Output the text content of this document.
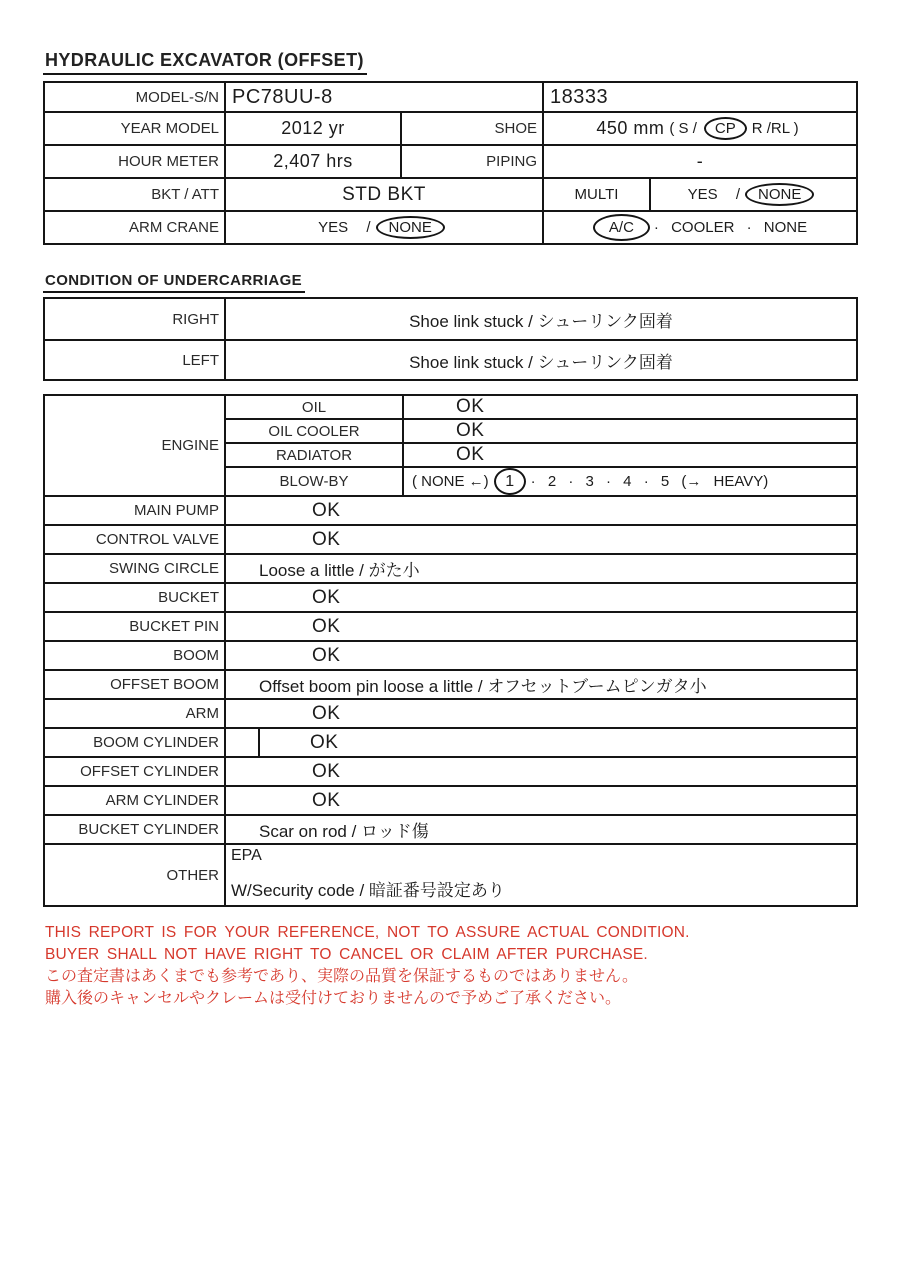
HYDRAULIC EXCAVATOR (OFFSET)
MODEL-S/N PC78UU-8	18333
YEAR MODEL	2012 yr	SHOE	450 mm ( S /	CP	R /RL )
HOUR METER	2,407 hrs	PIPING	-
BKT / ATT	STD BKT	MULTI	YES /	NONE
ARM CRANE	YES /	NONE	A/C	· COOLER · NONE
CONDITION OF UNDERCARRIAGE
RIGHT	Shoe link stuck / シューリンク固着
LEFT	Shoe link stuck / シューリンク固着
ENGINE
OIL	OK
OIL COOLER	OK
RADIATOR	OK
BLOW-BY	( NONE ←)	1	· 2 · 3 · 4 · 5 (→ HEAVY)
MAIN PUMP	OK
CONTROL VALVE	OK
SWING CIRCLE	Loose a little / がた小
BUCKET	OK
BUCKET PIN	OK
BOOM	OK
OFFSET BOOM	Offset boom pin loose a little / オフセットブームピンガタ小
ARM	OK
BOOM CYLINDER	OK
OFFSET CYLINDER	OK
ARM CYLINDER	OK
BUCKET CYLINDER	Scar on rod / ロッド傷
OTHER
EPA
W/Security code / 暗証番号設定あり
THIS REPORT IS FOR YOUR REFERENCE, NOT TO ASSURE ACTUAL CONDITION.
BUYER SHALL NOT HAVE RIGHT TO CANCEL OR CLAIM AFTER PURCHASE.
この査定書はあくまでも参考であり、実際の品質を保証するものではありません。
購入後のキャンセルやクレームは受付けておりませんので予めご了承ください。
